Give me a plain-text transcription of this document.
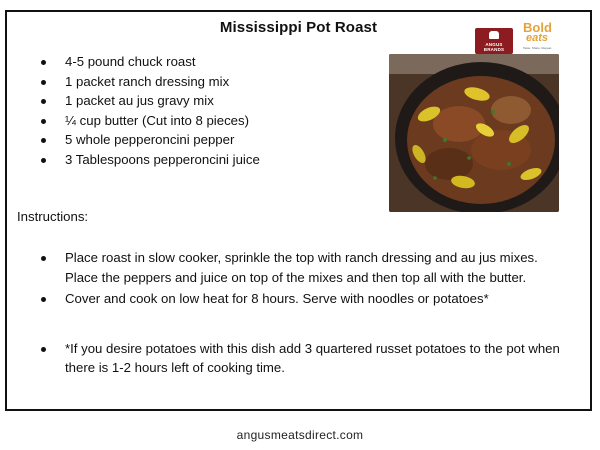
Mississippi Pot Roast
ANGUS BRANDS
Bold
eats
Taste. Share. Repeat.
4-5 pound chuck roast
1 packet ranch dressing mix
1 packet au jus gravy mix
¼ cup butter (Cut into 8 pieces)
5 whole pepperoncini pepper
3 Tablespoons pepperoncini juice
Instructions:
Place roast in slow cooker, sprinkle the top with ranch dressing and au jus mixes. Place the peppers and juice on top of the mixes and then top all with the butter.
Cover and cook on low heat for 8 hours. Serve with noodles or potatoes*
*If you desire potatoes with this dish add 3 quartered russet potatoes to the pot when there is 1-2 hours left of cooking time.
angusmeatsdirect.com
